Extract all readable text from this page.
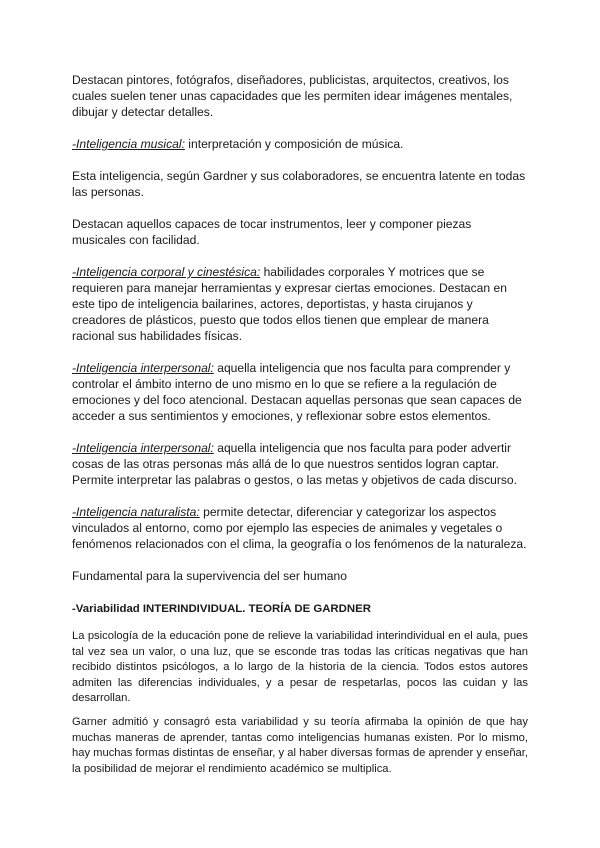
Destacan pintores, fotógrafos, diseñadores, publicistas, arquitectos, creativos, los cuales suelen tener unas capacidades que les permiten idear imágenes mentales, dibujar y detectar detalles.

-Inteligencia musical: interpretación y composición de música.

Esta inteligencia, según Gardner y sus colaboradores, se encuentra latente en todas las personas.

Destacan aquellos capaces de tocar instrumentos, leer y componer piezas musicales con facilidad.

-Inteligencia corporal y cinestésica: habilidades corporales Y motrices que se requieren para manejar herramientas y expresar ciertas emociones. Destacan en este tipo de inteligencia bailarines, actores, deportistas, y hasta cirujanos y creadores de plásticos, puesto que todos ellos tienen que emplear de manera racional sus habilidades físicas.

-Inteligencia interpersonal: aquella inteligencia que nos faculta para comprender y controlar el ámbito interno de uno mismo en lo que se refiere a la regulación de emociones y del foco atencional. Destacan aquellas personas que sean capaces de acceder a sus sentimientos y emociones, y reflexionar sobre estos elementos.

-Inteligencia interpersonal: aquella inteligencia que nos faculta para poder advertir cosas de las otras personas más allá de lo que nuestros sentidos logran captar. Permite interpretar las palabras o gestos, o las metas y objetivos de cada discurso.

-Inteligencia naturalista: permite detectar, diferenciar y categorizar los aspectos vinculados al entorno, como por ejemplo las especies de animales y vegetales o fenómenos relacionados con el clima, la geografía o los fenómenos de la naturaleza.

Fundamental para la supervivencia del ser humano

-Variabilidad INTERINDIVIDUAL. TEORÍA DE GARDNER

La psicología de la educación pone de relieve la variabilidad interindividual en el aula, pues tal vez sea un valor, o una luz, que se esconde tras todas las críticas negativas que han recibido distintos psicólogos, a lo largo de la historia de la ciencia. Todos estos autores admiten las diferencias individuales, y a pesar de respetarlas, pocos las cuidan y las desarrollan.

Garner admitió y consagró esta variabilidad y su teoría afirmaba la opinión de que hay muchas maneras de aprender, tantas como inteligencias humanas existen. Por lo mismo, hay muchas formas distintas de enseñar, y al haber diversas formas de aprender y enseñar, la posibilidad de mejorar el rendimiento académico se multiplica.
